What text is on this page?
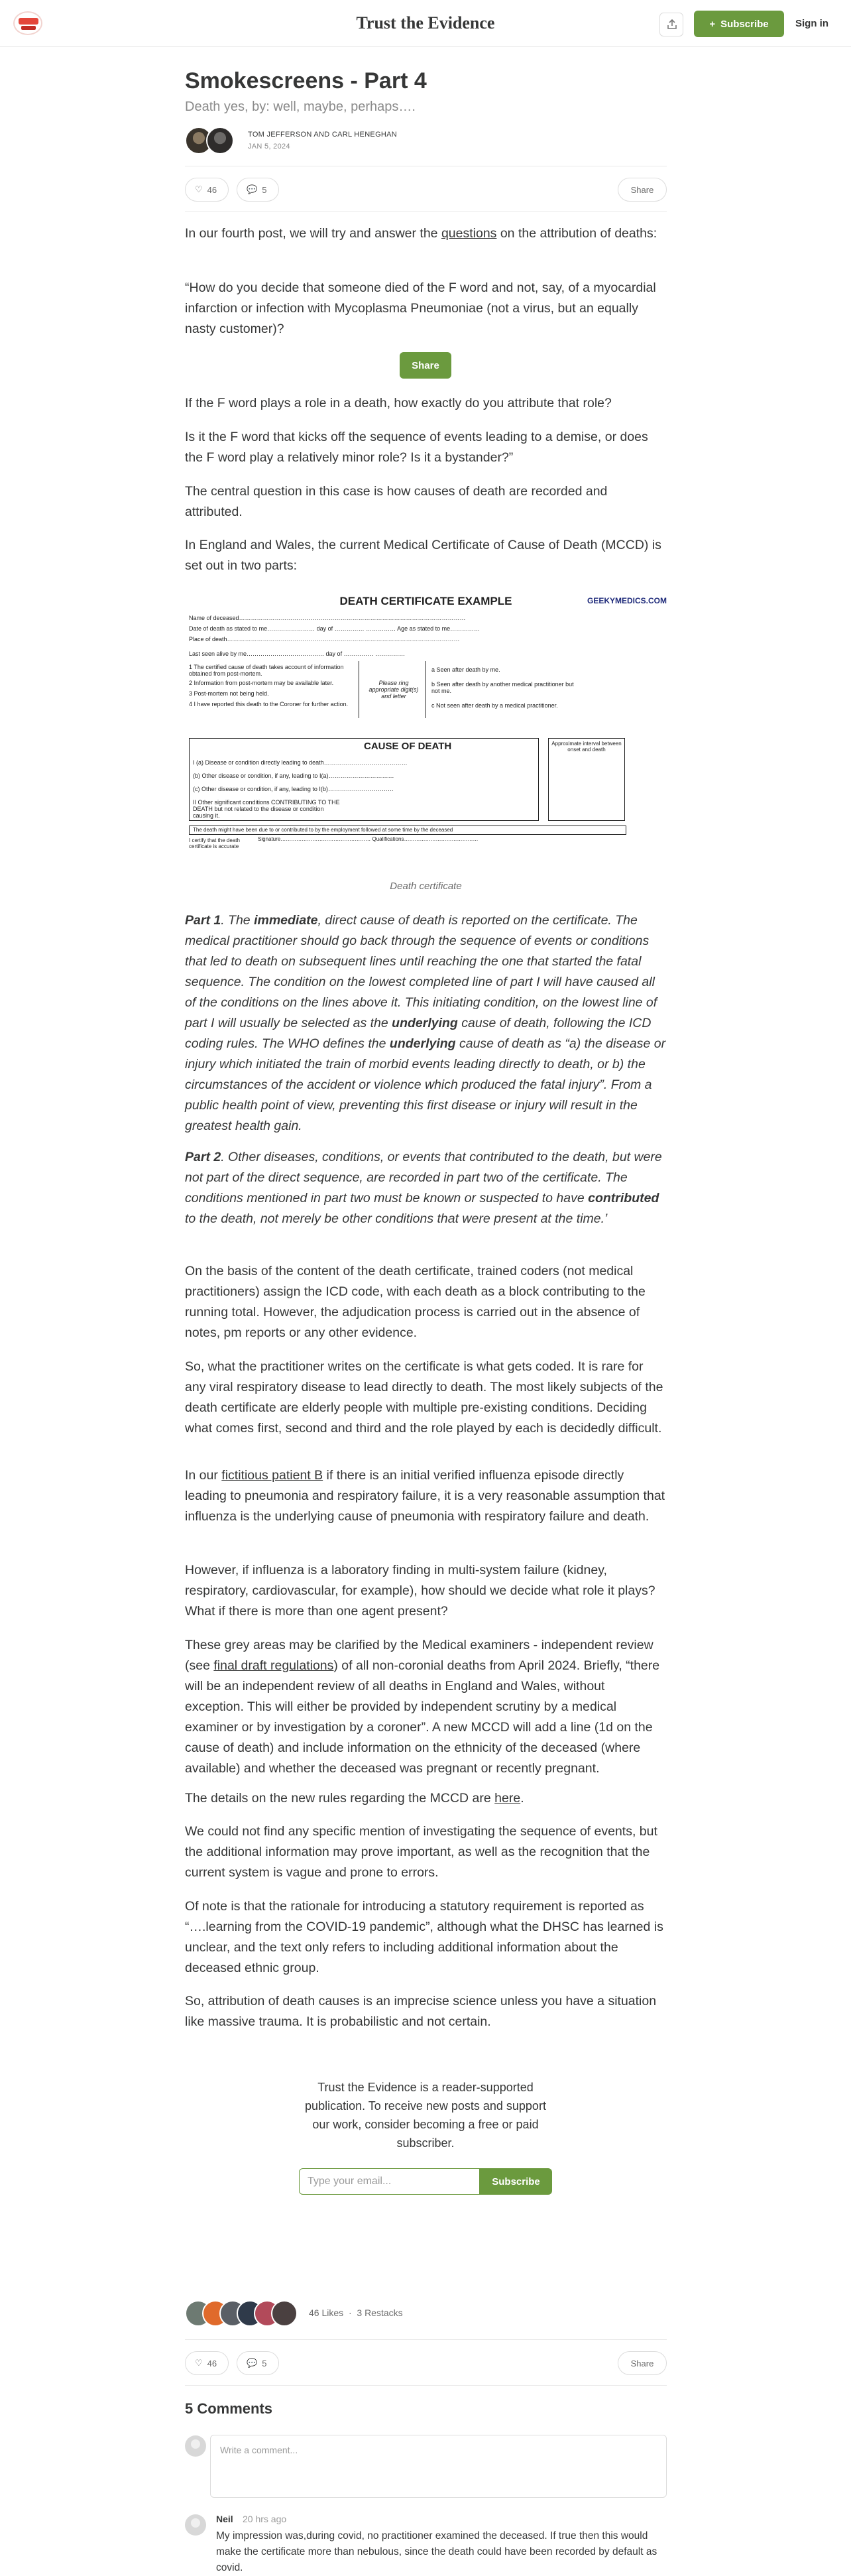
Trust the Evidence	+ Subscribe	Sign in
Smokescreens - Part 4
Death yes, by: well, maybe, perhaps….
TOM JEFFERSON AND CARL HENEGHAN
JAN 5, 2024
♡ 46	💬 5	Share
In our fourth post, we will try and answer the questions on the attribution of deaths:
“How do you decide that someone died of the F word and not, say, of a myocardial infarction or infection with Mycoplasma Pneumoniae (not a virus, but an equally nasty customer)?
Share
If the F word plays a role in a death, how exactly do you attribute that role?
Is it the F word that kicks off the sequence of events leading to a demise, or does the F word play a relatively minor role? Is it a bystander?”
The central question in this case is how causes of death are recorded and attributed.
In England and Wales, the current Medical Certificate of Cause of Death (MCCD) is set out in two parts:
DEATH CERTIFICATE EXAMPLE	GEEKYMEDICS.COM
Name of deceased……………………………………………………………………………………………………
Date of death as stated to me…………………… day of …………… …………… Age as stated to me……………
Place of death………………………………………………………………………………………………………
Last seen alive by me………………………………… day of …………… ……………
1 The certified cause of death takes account of information obtained from post-mortem.
2 Information from post-mortem may be available later.
3 Post-mortem not being held.
4 I have reported this death to the Coroner for further action.
Please ring appropriate digit(s) and letter
a Seen after death by me.
b Seen after death by another medical practitioner but not me.
c Not seen after death by a medical practitioner.
CAUSE OF DEATH	Approximate interval between onset and death
I (a) Disease or condition directly leading to death……………………………………
(b) Other disease or condition, if any, leading to I(a)……………………………
(c) Other disease or condition, if any, leading to I(b)……………………………
II Other significant conditions CONTRIBUTING TO THE DEATH but not related to the disease or condition causing it.
The death might have been due to or contributed to by the employment followed at some time by the deceased
I certify that the death certificate is accurate
Signature…………………………………………… Qualifications……………………………………
Death certificate
Part 1. The immediate, direct cause of death is reported on the certificate. The medical practitioner should go back through the sequence of events or conditions that led to death on subsequent lines until reaching the one that started the fatal sequence. The condition on the lowest completed line of part I will have caused all of the conditions on the lines above it. This initiating condition, on the lowest line of part I will usually be selected as the underlying cause of death, following the ICD coding rules. The WHO defines the underlying cause of death as “a) the disease or injury which initiated the train of morbid events leading directly to death, or b) the circumstances of the accident or violence which produced the fatal injury”. From a public health point of view, preventing this first disease or injury will result in the greatest health gain.
Part 2. Other diseases, conditions, or events that contributed to the death, but were not part of the direct sequence, are recorded in part two of the certificate. The conditions mentioned in part two must be known or suspected to have contributed to the death, not merely be other conditions that were present at the time.’
On the basis of the content of the death certificate, trained coders (not medical practitioners) assign the ICD code, with each death as a block contributing to the running total. However, the adjudication process is carried out in the absence of notes, pm reports or any other evidence.
So, what the practitioner writes on the certificate is what gets coded. It is rare for any viral respiratory disease to lead directly to death. The most likely subjects of the death certificate are elderly people with multiple pre-existing conditions. Deciding what comes first, second and third and the role played by each is decidedly difficult.
In our fictitious patient B if there is an initial verified influenza episode directly leading to pneumonia and respiratory failure, it is a very reasonable assumption that influenza is the underlying cause of pneumonia with respiratory failure and death.
However, if influenza is a laboratory finding in multi-system failure (kidney, respiratory, cardiovascular, for example), how should we decide what role it plays? What if there is more than one agent present?
These grey areas may be clarified by the Medical examiners - independent review (see final draft regulations) of all non-coronial deaths from April 2024. Briefly, “there will be an independent review of all deaths in England and Wales, without exception. This will either be provided by independent scrutiny by a medical examiner or by investigation by a coroner”. A new MCCD will add a line (1d on the cause of death) and include information on the ethnicity of the deceased (where available) and whether the deceased was pregnant or recently pregnant.
The details on the new rules regarding the MCCD are here.
We could not find any specific mention of investigating the sequence of events, but the additional information may prove important, as well as the recognition that the current system is vague and prone to errors.
Of note is that the rationale for introducing a statutory requirement is reported as “….learning from the COVID-19 pandemic”, although what the DHSC has learned is unclear, and the text only refers to including additional information about the deceased ethnic group.
So, attribution of death causes is an imprecise science unless you have a situation like massive trauma. It is probabilistic and not certain.
Trust the Evidence is a reader-supported publication. To receive new posts and support our work, consider becoming a free or paid subscriber.
Type your email...	Subscribe
46 Likes · 3 Restacks
♡ 46	💬 5	Share
5 Comments
Write a comment...
Neil 20 hrs ago
My impression was,during covid, no practitioner examined the deceased. If true then this would make the certificate more than nebulous, since the death could have been recorded by default as covid.
